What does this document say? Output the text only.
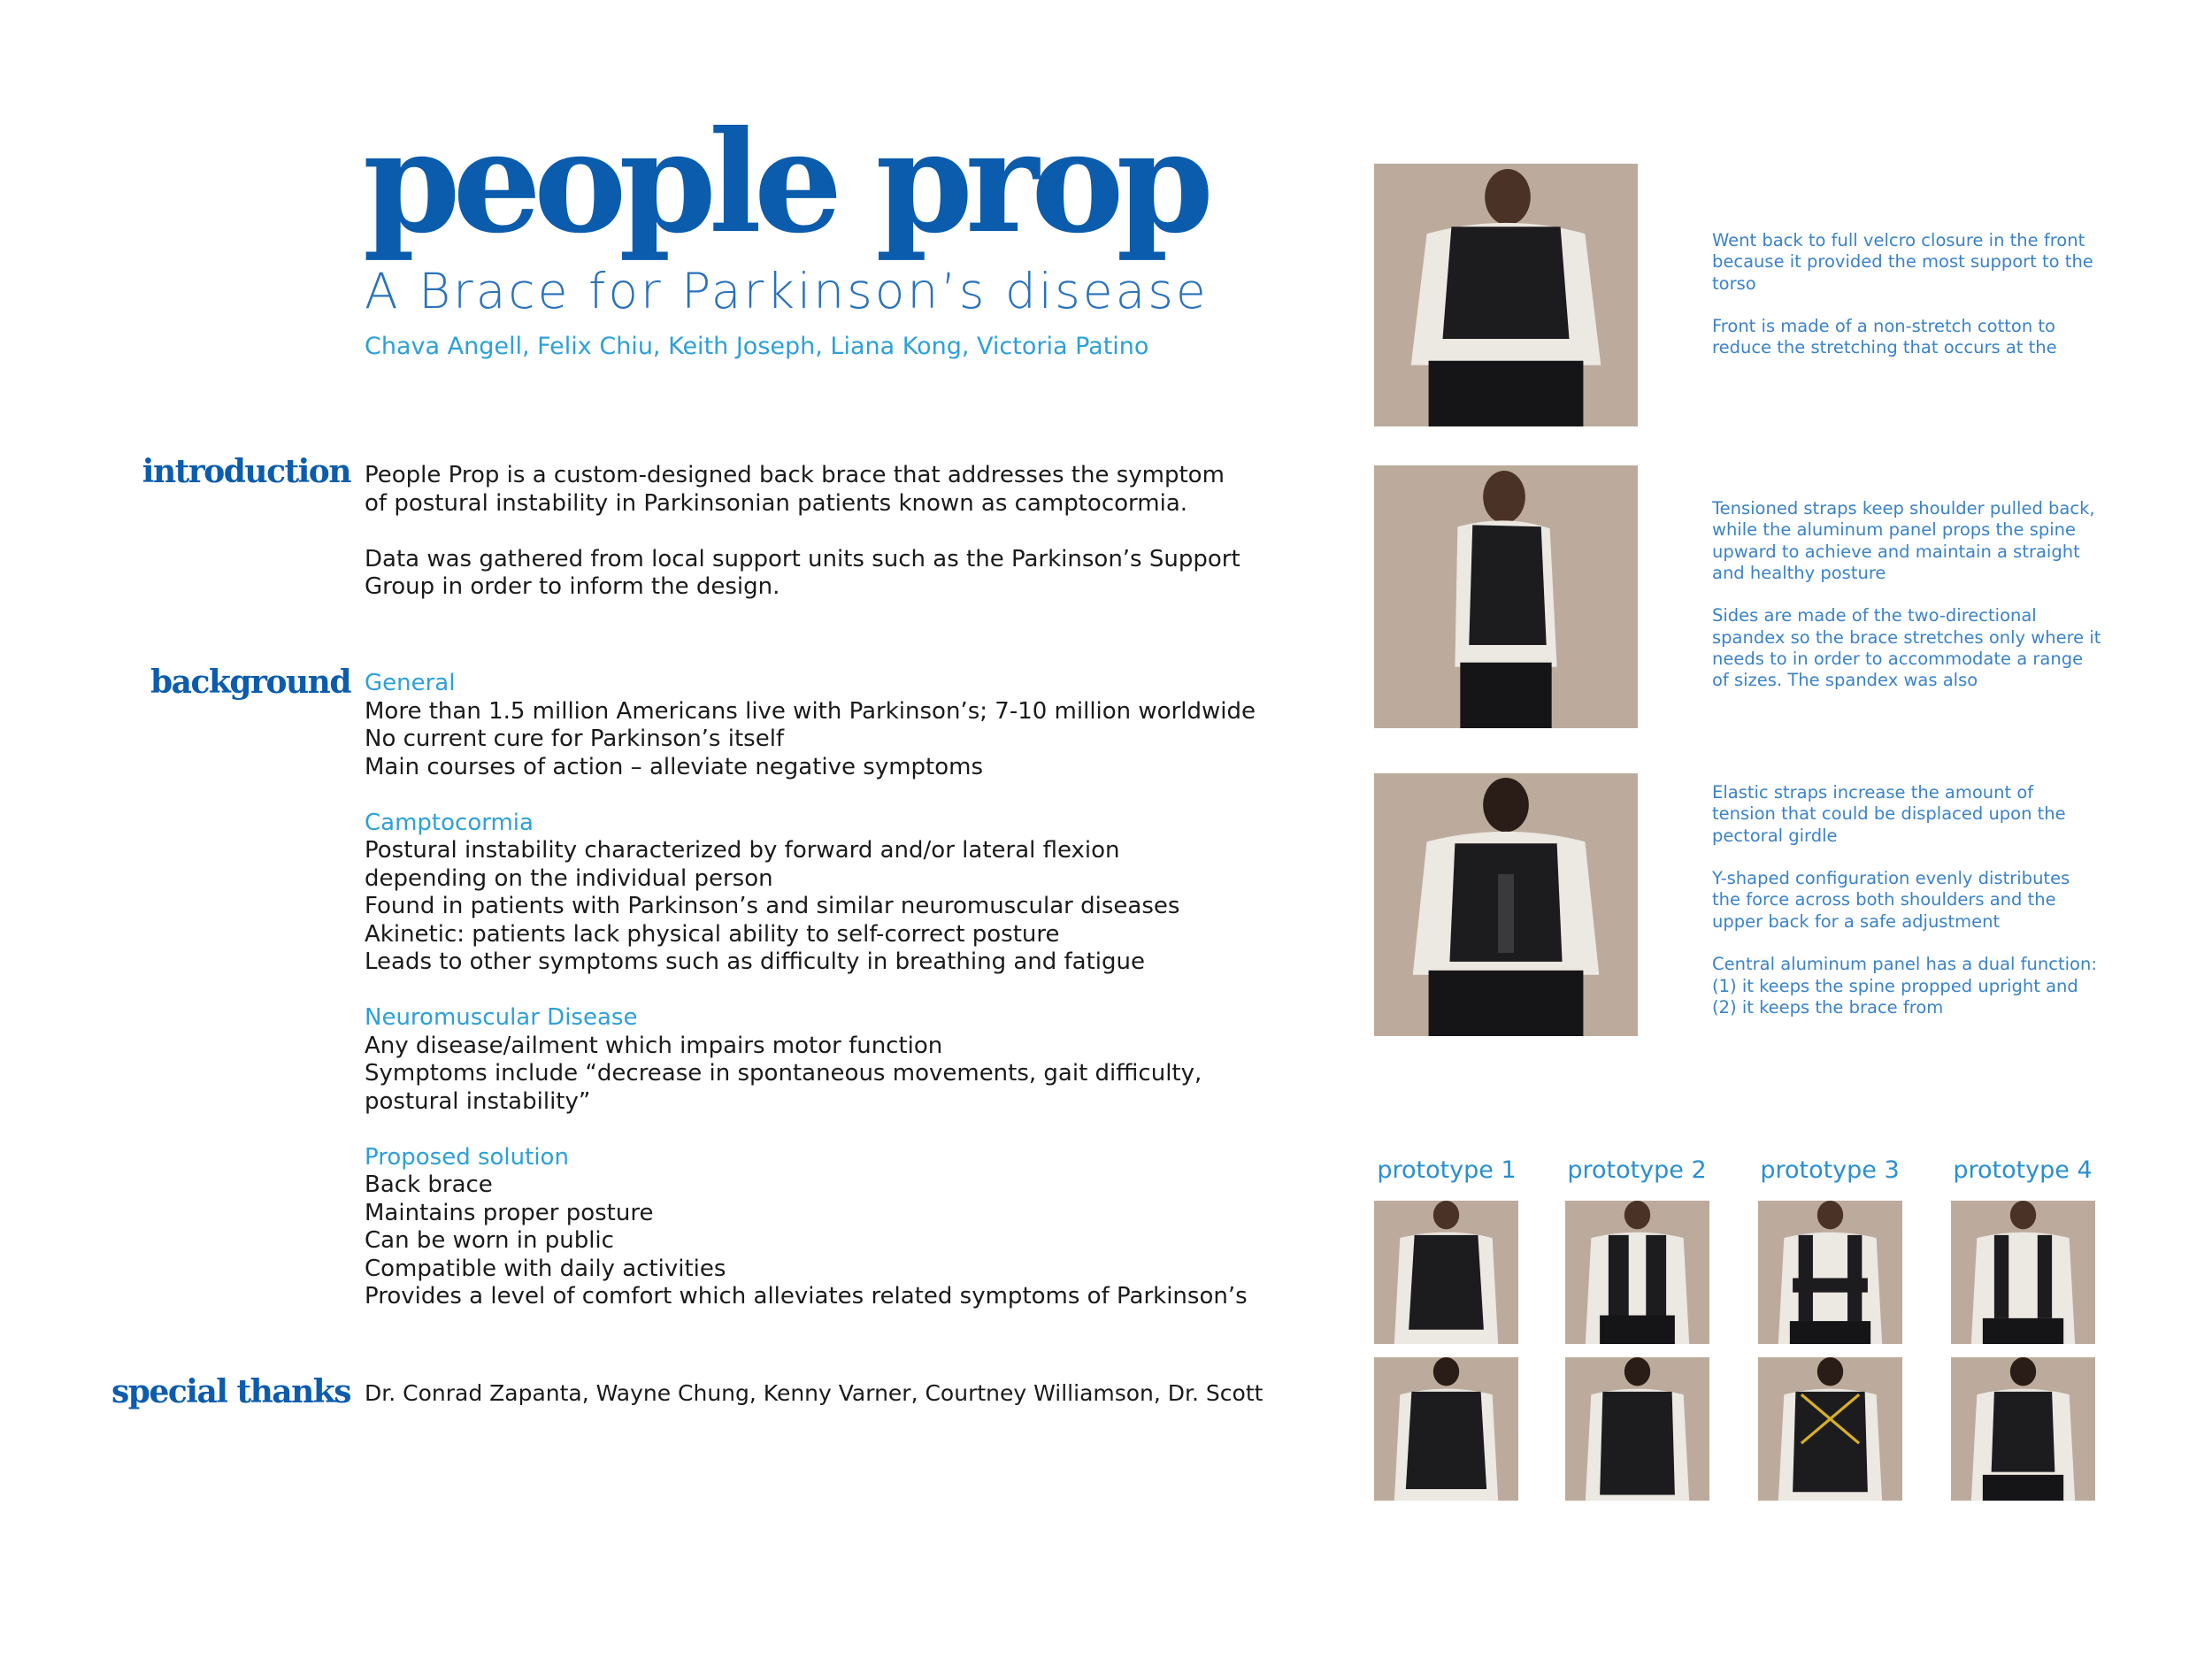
people prop
A Brace for Parkinson’s disease
Chava Angell, Felix Chiu, Keith Joseph, Liana Kong, Victoria Patino
introduction People Prop is a custom-designed back brace that addresses the symptom of postural instability in Parkinsonian patients known as camptocormia.

Data was gathered from local support units such as the Parkinson’s Support Group in order to inform the design.

background General
More than 1.5 million Americans live with Parkinson’s; 7-10 million worldwide
No current cure for Parkinson’s itself
Main courses of action – alleviate negative symptoms
Camptocormia
Postural instability characterized by forward and/or lateral flexion
depending on the individual person
Found in patients with Parkinson’s and similar neuromuscular diseases
Akinetic: patients lack physical ability to self-correct posture
Leads to other symptoms such as difficulty in breathing and fatigue
Neuromuscular Disease
Any disease/ailment which impairs motor function
Symptoms include “decrease in spontaneous movements, gait difficulty,
postural instability”
Proposed solution
Back brace
Maintains proper posture
Can be worn in public
Compatible with daily activities
Provides a level of comfort which alleviates related symptoms of Parkinson’s
special thanks Dr. Conrad Zapanta, Wayne Chung, Kenny Varner, Courtney Williamson, Dr. Scott

Went back to full velcro closure in the front because it provided the most support to the torso

Front is made of a non-stretch cotton to reduce the stretching that occurs at the

Tensioned straps keep shoulder pulled back, while the aluminum panel props the spine upward to achieve and maintain a straight and healthy posture

Sides are made of the two-directional spandex so the brace stretches only where it needs to in order to accommodate a range of sizes. The spandex was also

Elastic straps increase the amount of tension that could be displaced upon the pectoral girdle

Y-shaped configuration evenly distributes the force across both shoulders and the upper back for a safe adjustment

Central aluminum panel has a dual function: (1) it keeps the spine propped upright and (2) it keeps the brace from

prototype 1 prototype 2 prototype 3 prototype 4
